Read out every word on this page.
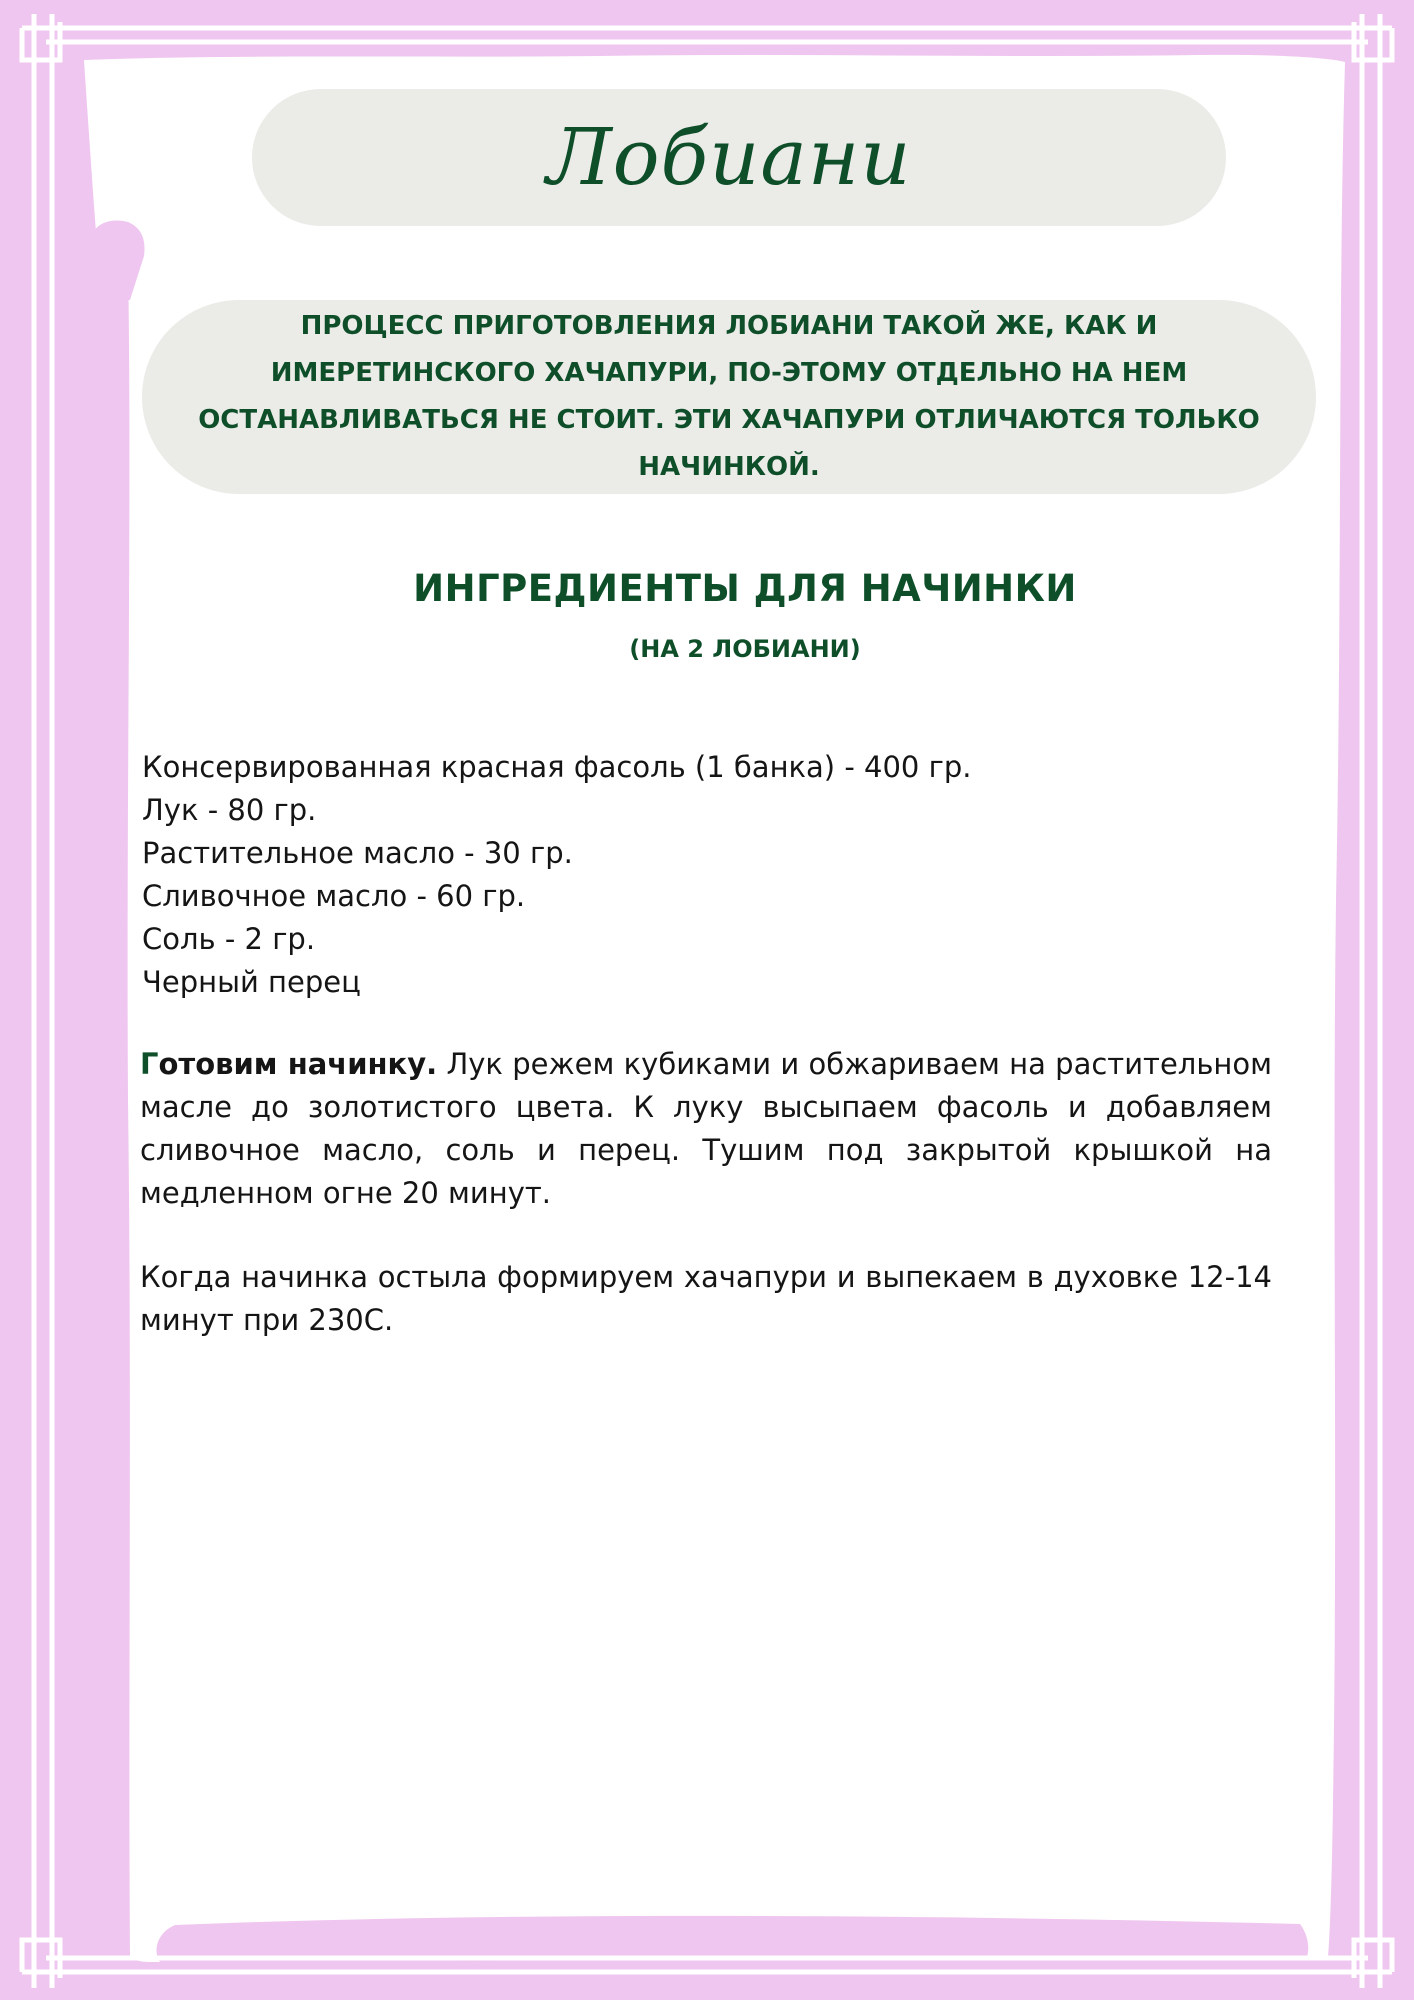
Лобиани

ПРОЦЕСС ПРИГОТОВЛЕНИЯ ЛОБИАНИ ТАКОЙ ЖЕ, КАК И ИМЕРЕТИНСКОГО ХАЧАПУРИ, ПО-ЭТОМУ ОТДЕЛЬНО НА НЕМ ОСТАНАВЛИВАТЬСЯ НЕ СТОИТ. ЭТИ ХАЧАПУРИ ОТЛИЧАЮТСЯ ТОЛЬКО НАЧИНКОЙ.

ИНГРЕДИЕНТЫ ДЛЯ НАЧИНКИ

(НА 2 ЛОБИАНИ)

Консервированная красная фасоль (1 банка) - 400 гр.
Лук - 80 гр.
Растительное масло - 30 гр.
Сливочное масло - 60 гр.
Соль - 2 гр.
Черный перец

Готовим начинку. Лук режем кубиками и обжариваем на растительном масле до золотистого цвета. К луку высыпаем фасоль и добавляем сливочное масло, соль и перец. Тушим под закрытой крышкой на медленном огне 20 минут.

Когда начинка остыла формируем хачапури и выпекаем в духовке 12-14 минут при 230С.
